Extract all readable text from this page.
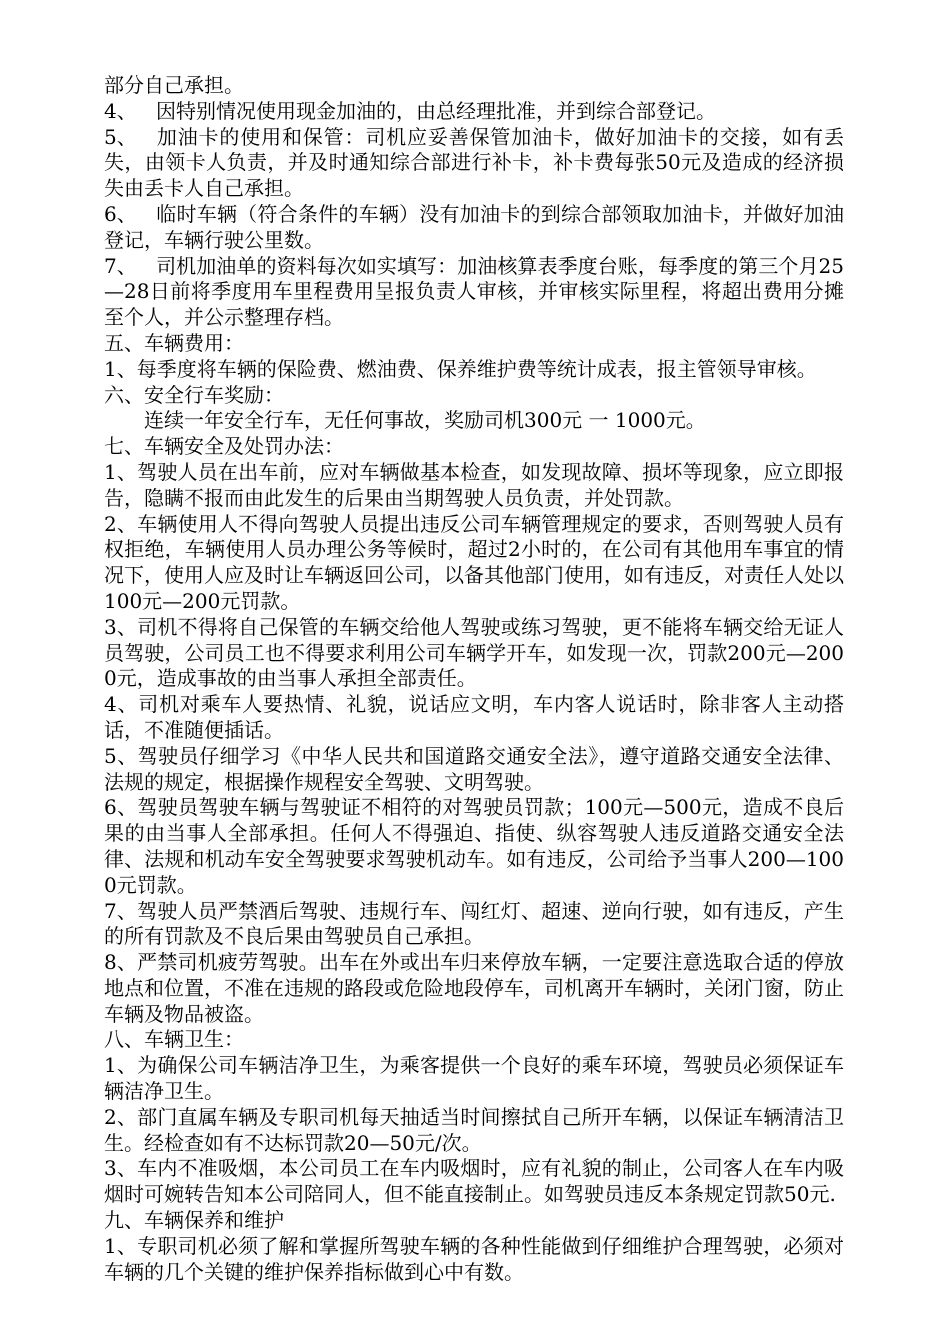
部分自己承担。

4、 因特别情况使用现金加油的，由总经理批准，并到综合部登记。

5、 加油卡的使用和保管：司机应妥善保管加油卡，做好加油卡的交接，如有丢失，由领卡人负责，并及时通知综合部进行补卡，补卡费每张50元及造成的经济损失由丢卡人自己承担。

6、 临时车辆（符合条件的车辆）没有加油卡的到综合部领取加油卡，并做好加油登记，车辆行驶公里数。

7、 司机加油单的资料每次如实填写：加油核算表季度台账，每季度的第三个月25—28日前将季度用车里程费用呈报负责人审核，并审核实际里程，将超出费用分摊至个人，并公示整理存档。

五、车辆费用：

1、每季度将车辆的保险费、燃油费、保养维护费等统计成表，报主管领导审核。

六、安全行车奖励：

连续一年安全行车，无任何事故，奖励司机300元 一 1000元。

七、车辆安全及处罚办法：

1、驾驶人员在出车前，应对车辆做基本检查，如发现故障、损坏等现象，应立即报告，隐瞒不报而由此发生的后果由当期驾驶人员负责，并处罚款。

2、车辆使用人不得向驾驶人员提出违反公司车辆管理规定的要求，否则驾驶人员有权拒绝，车辆使用人员办理公务等候时，超过2小时的，在公司有其他用车事宜的情况下，使用人应及时让车辆返回公司，以备其他部门使用，如有违反，对责任人处以100元—200元罚款。

3、司机不得将自己保管的车辆交给他人驾驶或练习驾驶，更不能将车辆交给无证人员驾驶，公司员工也不得要求利用公司车辆学开车，如发现一次，罚款200元—2000元，造成事故的由当事人承担全部责任。

4、司机对乘车人要热情、礼貌，说话应文明，车内客人说话时，除非客人主动搭话，不准随便插话。

5、驾驶员仔细学习《中华人民共和国道路交通安全法》，遵守道路交通安全法律、法规的规定，根据操作规程安全驾驶、文明驾驶。

6、驾驶员驾驶车辆与驾驶证不相符的对驾驶员罚款；100元—500元，造成不良后果的由当事人全部承担。任何人不得强迫、指使、纵容驾驶人违反道路交通安全法律、法规和机动车安全驾驶要求驾驶机动车。如有违反，公司给予当事人200—1000元罚款。

7、驾驶人员严禁酒后驾驶、违规行车、闯红灯、超速、逆向行驶，如有违反，产生的所有罚款及不良后果由驾驶员自己承担。

8、严禁司机疲劳驾驶。出车在外或出车归来停放车辆，一定要注意选取合适的停放地点和位置，不准在违规的路段或危险地段停车，司机离开车辆时，关闭门窗，防止车辆及物品被盗。

八、车辆卫生：

1、为确保公司车辆洁净卫生，为乘客提供一个良好的乘车环境，驾驶员必须保证车辆洁净卫生。

2、部门直属车辆及专职司机每天抽适当时间擦拭自己所开车辆，以保证车辆清洁卫生。经检查如有不达标罚款20—50元/次。

3、车内不准吸烟，本公司员工在车内吸烟时，应有礼貌的制止，公司客人在车内吸烟时可婉转告知本公司陪同人，但不能直接制止。如驾驶员违反本条规定罚款50元.

九、车辆保养和维护

1、专职司机必须了解和掌握所驾驶车辆的各种性能做到仔细维护合理驾驶，必须对车辆的几个关键的维护保养指标做到心中有数。
